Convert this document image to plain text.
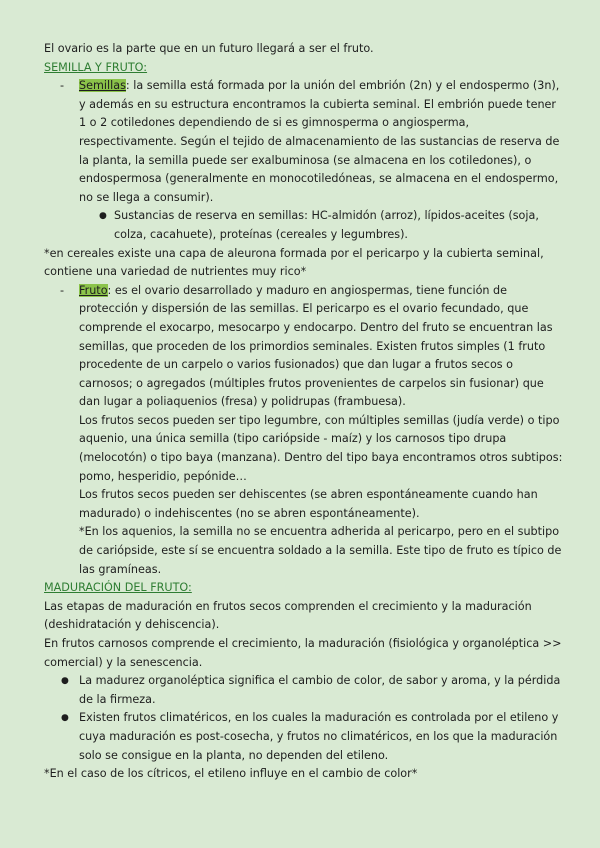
El ovario es la parte que en un futuro llegará a ser el fruto.

SEMILLA Y FRUTO:

- Semillas: la semilla está formada por la unión del embrión (2n) y el endospermo (3n), y además en su estructura encontramos la cubierta seminal. El embrión puede tener 1 o 2 cotiledones dependiendo de si es gimnosperma o angiosperma, respectivamente. Según el tejido de almacenamiento de las sustancias de reserva de la planta, la semilla puede ser exalbuminosa (se almacena en los cotiledones), o endospermosa (generalmente en monocotiledóneas, se almacena en el endospermo, no se llega a consumir).
● Sustancias de reserva en semillas: HC-almidón (arroz), lípidos-aceites (soja, colza, cacahuete), proteínas (cereales y legumbres).

*en cereales existe una capa de aleurona formada por el pericarpo y la cubierta seminal, contiene una variedad de nutrientes muy rico*

- Fruto: es el ovario desarrollado y maduro en angiospermas, tiene función de protección y dispersión de las semillas. El pericarpo es el ovario fecundado, que comprende el exocarpo, mesocarpo y endocarpo. Dentro del fruto se encuentran las semillas, que proceden de los primordios seminales. Existen frutos simples (1 fruto procedente de un carpelo o varios fusionados) que dan lugar a frutos secos o carnosos; o agregados (múltiples frutos provenientes de carpelos sin fusionar) que dan lugar a poliaquenios (fresa) y polidrupas (frambuesa).

Los frutos secos pueden ser tipo legumbre, con múltiples semillas (judía verde) o tipo aquenio, una única semilla (tipo cariópside - maíz) y los carnosos tipo drupa (melocotón) o tipo baya (manzana). Dentro del tipo baya encontramos otros subtipos: pomo, hesperidio, pepónide…

Los frutos secos pueden ser dehiscentes (se abren espontáneamente cuando han madurado) o indehiscentes (no se abren espontáneamente).

*En los aquenios, la semilla no se encuentra adherida al pericarpo, pero en el subtipo de cariópside, este sí se encuentra soldado a la semilla. Este tipo de fruto es típico de las gramíneas.

MADURACIÓN DEL FRUTO:

Las etapas de maduración en frutos secos comprenden el crecimiento y la maduración (deshidratación y dehiscencia).

En frutos carnosos comprende el crecimiento, la maduración (fisiológica y organoléptica >> comercial) y la senescencia.

● La madurez organoléptica significa el cambio de color, de sabor y aroma, y la pérdida de la firmeza.
● Existen frutos climatéricos, en los cuales la maduración es controlada por el etileno y cuya maduración es post-cosecha, y frutos no climatéricos, en los que la maduración solo se consigue en la planta, no dependen del etileno.

*En el caso de los cítricos, el etileno influye en el cambio de color*
